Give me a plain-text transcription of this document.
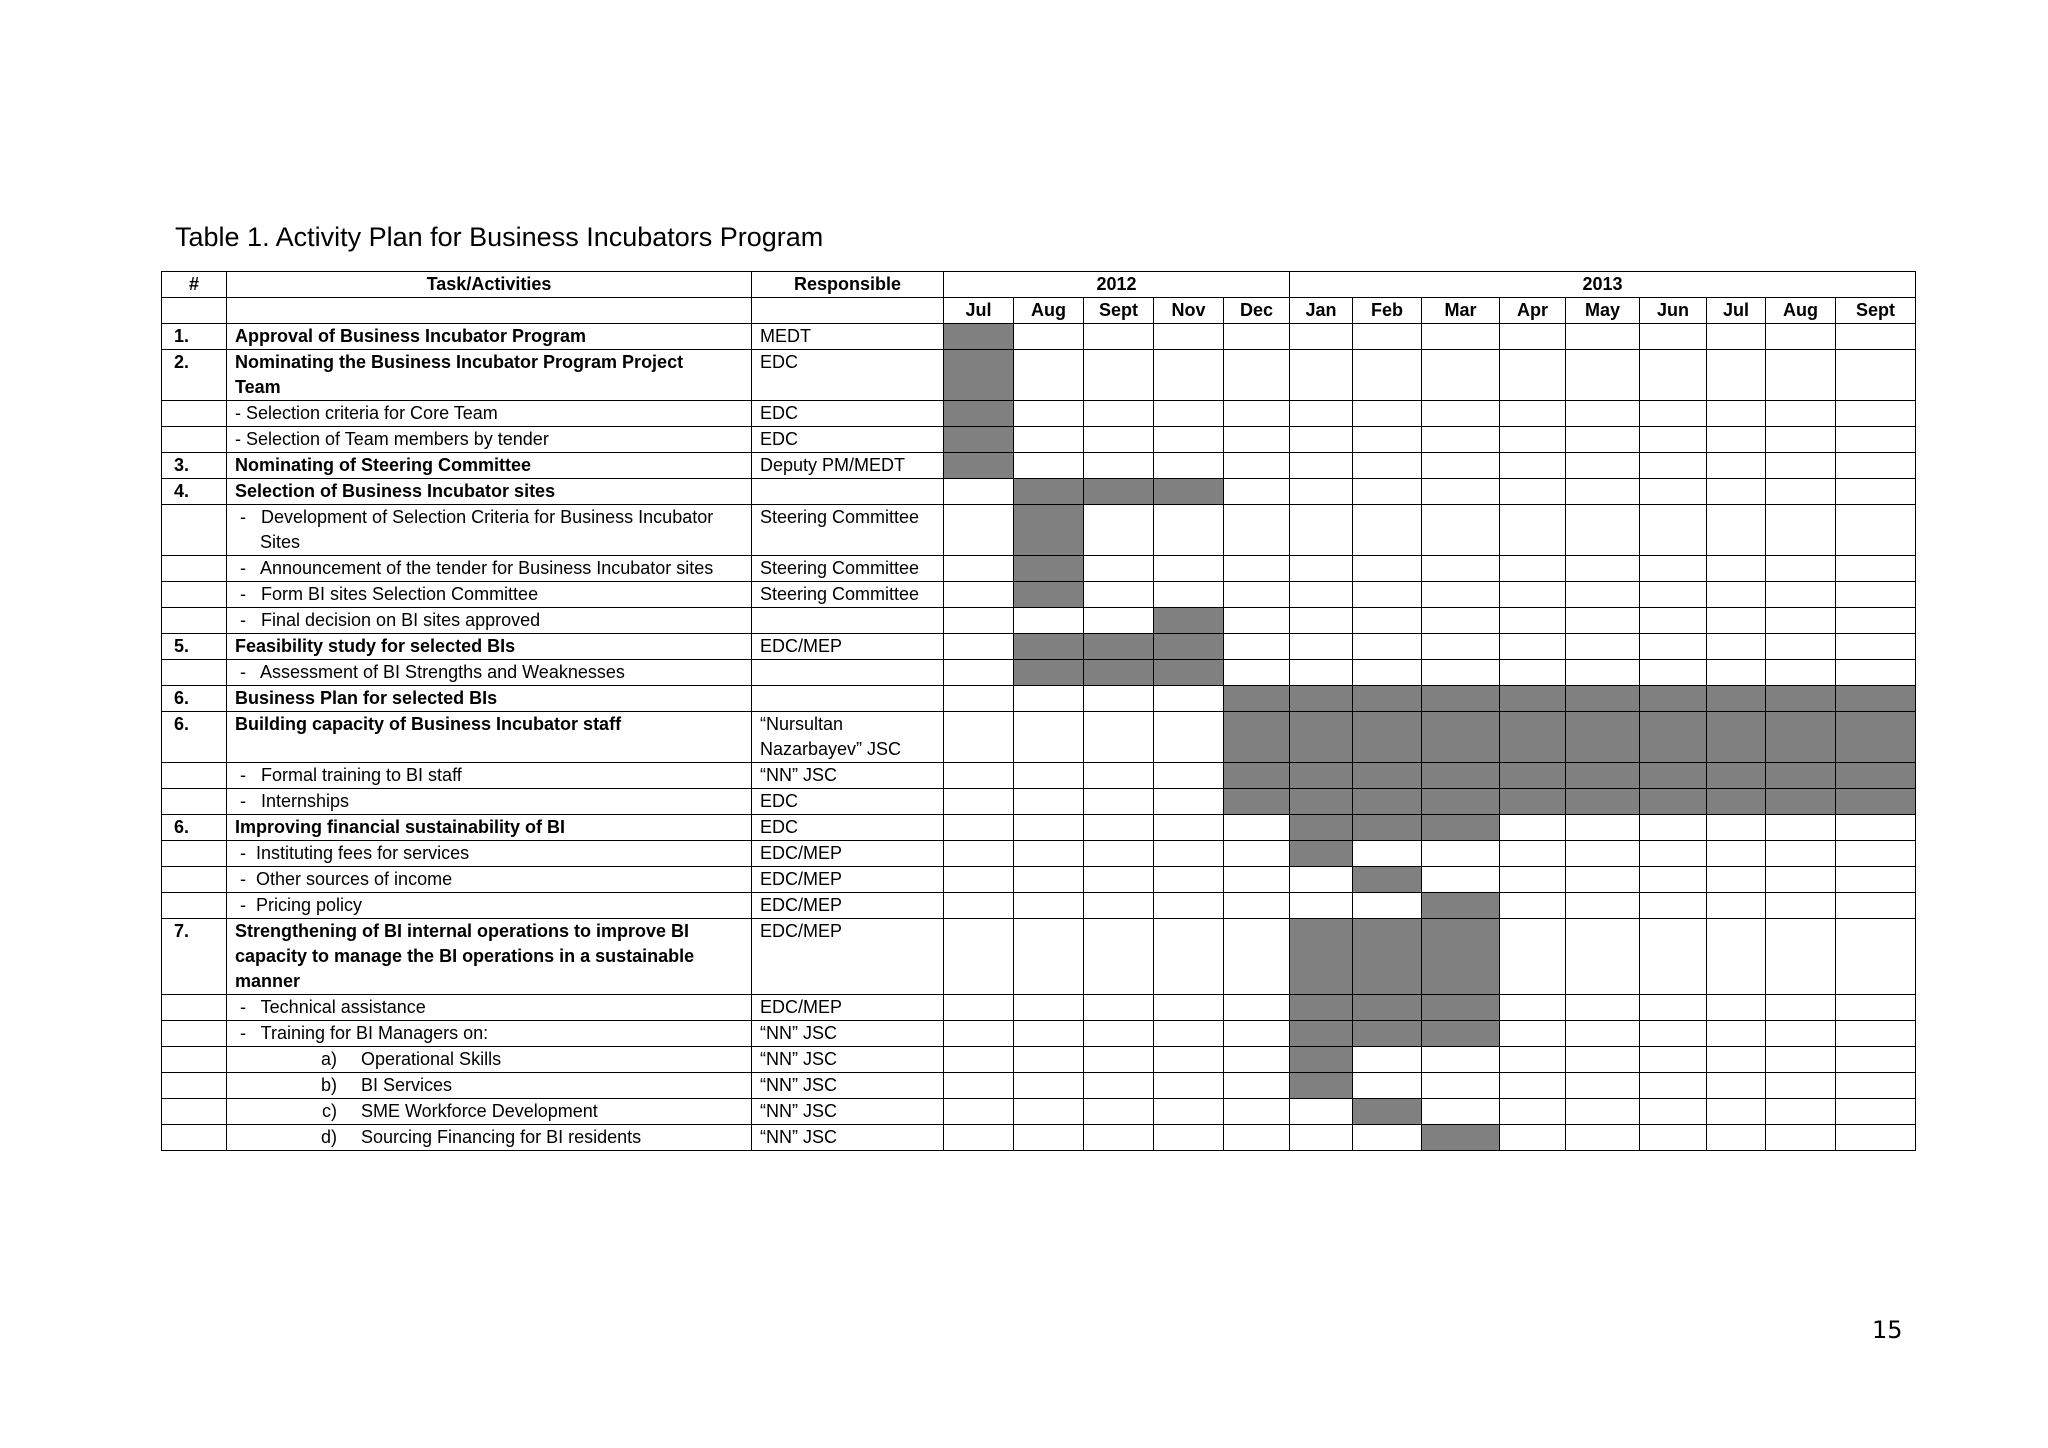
Table 1. Activity Plan for Business Incubators Program
#	Task/Activities	Responsible	2012					2013								
			Jul	Aug	Sept	Nov	Dec	Jan	Feb	Mar	Apr	May	Jun	Jul	Aug	Sept
1.	Approval of Business Incubator Program	MEDT														

2.	Nominating the Business Incubator Program Project
Team	EDC														

	- Selection criteria for Core Team	EDC														

	- Selection of Team members by tender	EDC														

3.	Nominating of Steering Committee	Deputy PM/MEDT														

4.	Selection of Business Incubator sites															

	-   Development of Selection Criteria for Business Incubator
Sites	Steering Committee														

	-   Announcement of the tender for Business Incubator sites	Steering Committee														

	-   Form BI sites Selection Committee	Steering Committee														

	-   Final decision on BI sites approved															

5.	Feasibility study for selected BIs	EDC/MEP														

	-   Assessment of BI Strengths and Weaknesses															

6.	Business Plan for selected BIs															

6.	Building capacity of Business Incubator staff	“Nursultan
Nazarbayev” JSC														

	-   Formal training to BI staff	“NN” JSC														

	-   Internships	EDC														

6.	Improving financial sustainability of BI	EDC														

	-  Instituting fees for services	EDC/MEP														

	-  Other sources of income	EDC/MEP														

	-  Pricing policy	EDC/MEP														

7.	Strengthening of BI internal operations to improve BI
capacity to manage the BI operations in a sustainable
manner	EDC/MEP														

	-   Technical assistance	EDC/MEP														

	-   Training for BI Managers on:	“NN” JSC														

	a) Operational Skills	“NN” JSC														

	b) BI Services	“NN” JSC														

	c) SME Workforce Development	“NN” JSC														

	d) Sourcing Financing for BI residents	“NN” JSC														

15
